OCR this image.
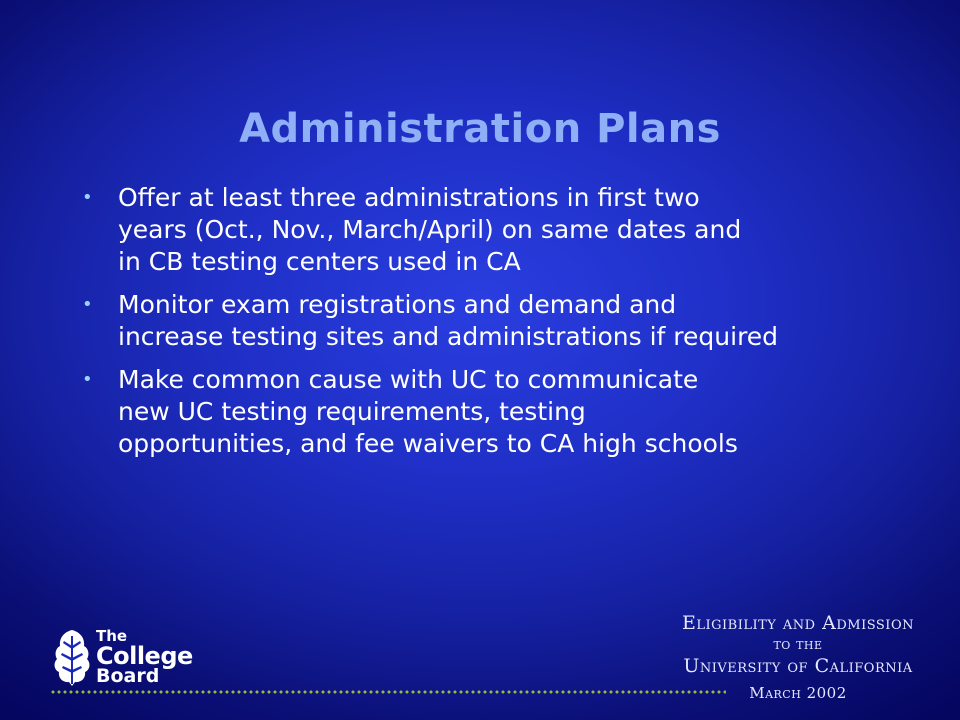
Administration Plans
• Offer at least three administrations in first two
years (Oct., Nov., March/April) on same dates and
in CB testing centers used in CA
• Monitor exam registrations and demand and
increase testing sites and administrations if required
• Make common cause with UC to communicate
new UC testing requirements, testing
opportunities, and fee waivers to CA high schools
The
College
Board
Eligibility and Admission
to the
University of California
March 2002
